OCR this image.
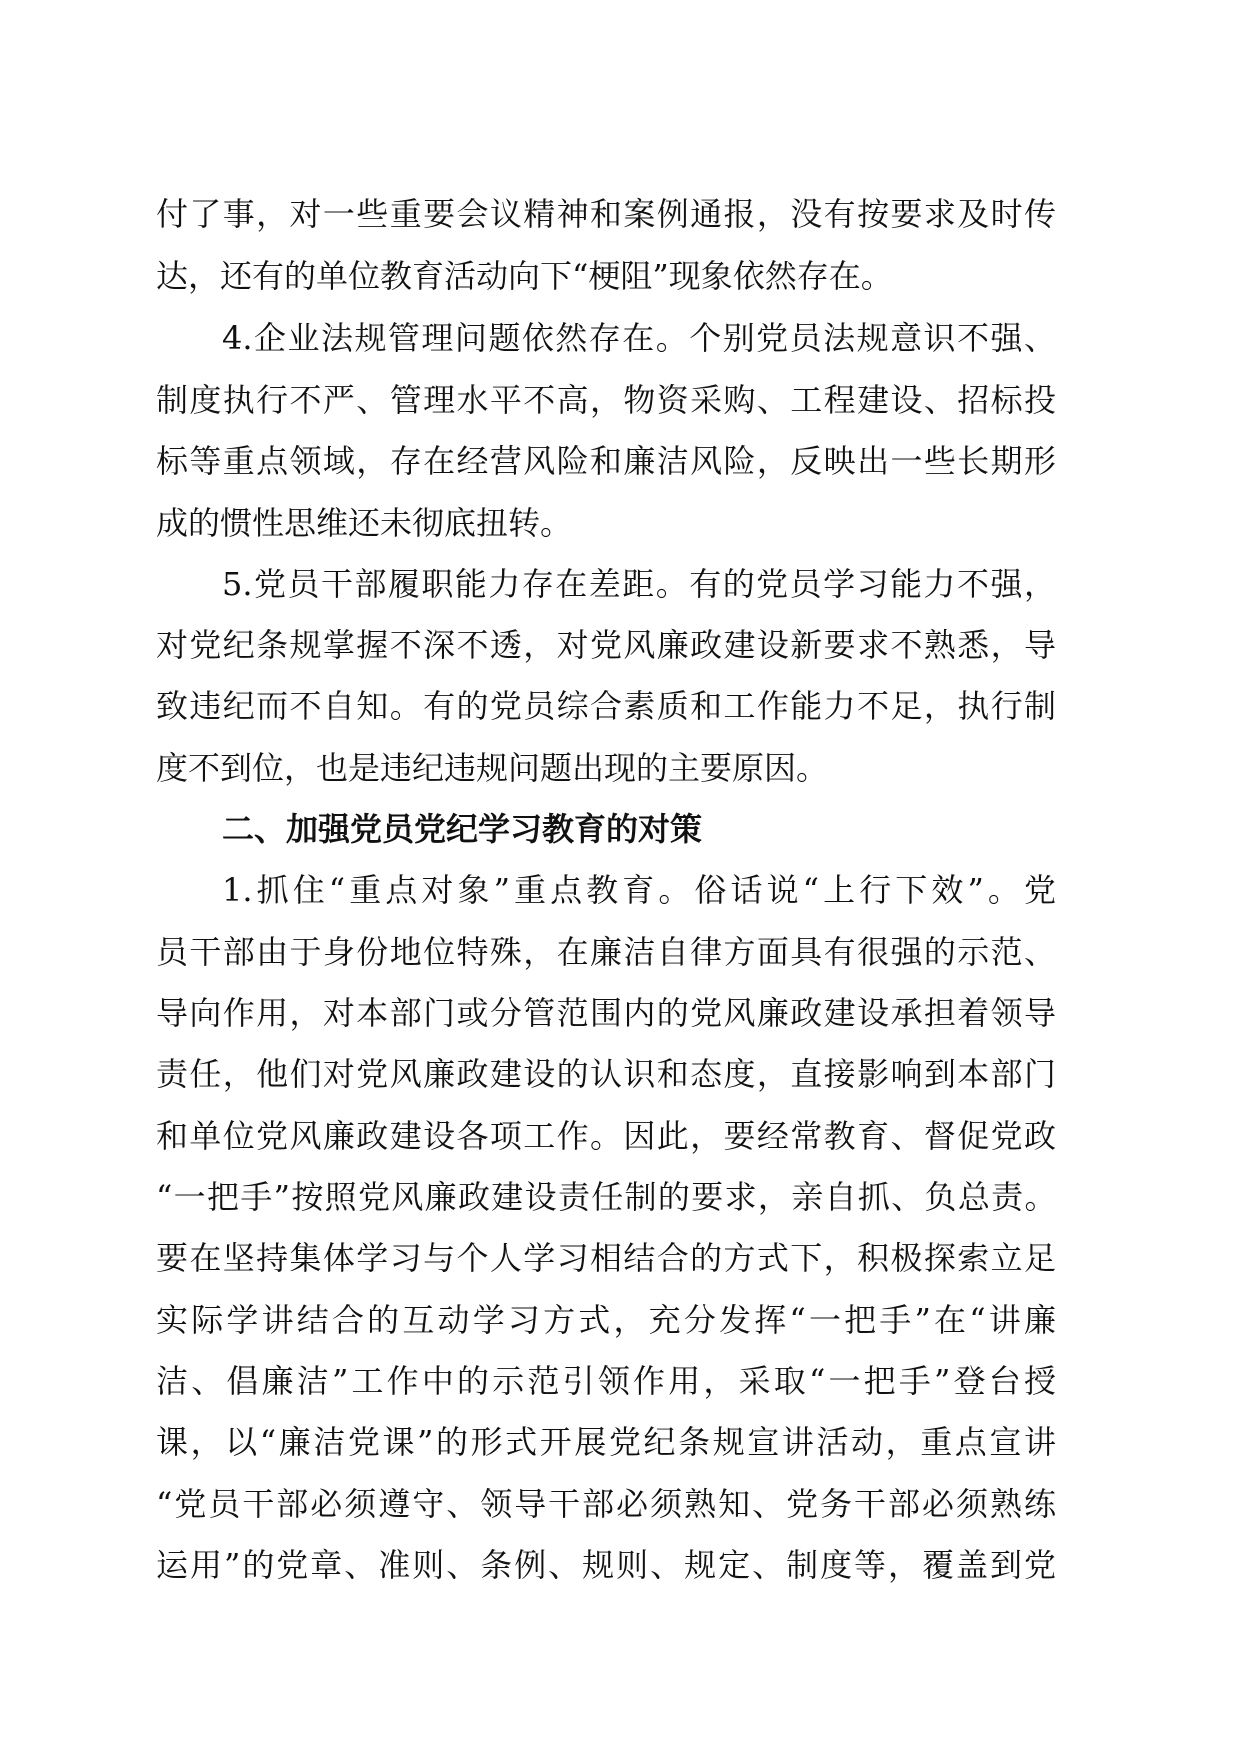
付了事，对一些重要会议精神和案例通报，没有按要求及时传
达，还有的单位教育活动向下“梗阻”现象依然存在。
4.企业法规管理问题依然存在。个别党员法规意识不强、
制度执行不严、管理水平不高，物资采购、工程建设、招标投
标等重点领域，存在经营风险和廉洁风险，反映出一些长期形
成的惯性思维还未彻底扭转。
5.党员干部履职能力存在差距。有的党员学习能力不强，
对党纪条规掌握不深不透，对党风廉政建设新要求不熟悉，导
致违纪而不自知。有的党员综合素质和工作能力不足，执行制
度不到位，也是违纪违规问题出现的主要原因。
二、加强党员党纪学习教育的对策
1.抓住“重点对象”重点教育。俗话说“上行下效”。党
员干部由于身份地位特殊，在廉洁自律方面具有很强的示范、
导向作用，对本部门或分管范围内的党风廉政建设承担着领导
责任，他们对党风廉政建设的认识和态度，直接影响到本部门
和单位党风廉政建设各项工作。因此，要经常教育、督促党政
“一把手”按照党风廉政建设责任制的要求，亲自抓、负总责。
要在坚持集体学习与个人学习相结合的方式下，积极探索立足
实际学讲结合的互动学习方式，充分发挥“一把手”在“讲廉
洁、倡廉洁”工作中的示范引领作用，采取“一把手”登台授
课，以“廉洁党课”的形式开展党纪条规宣讲活动，重点宣讲
“党员干部必须遵守、领导干部必须熟知、党务干部必须熟练
运用”的党章、准则、条例、规则、规定、制度等，覆盖到党
